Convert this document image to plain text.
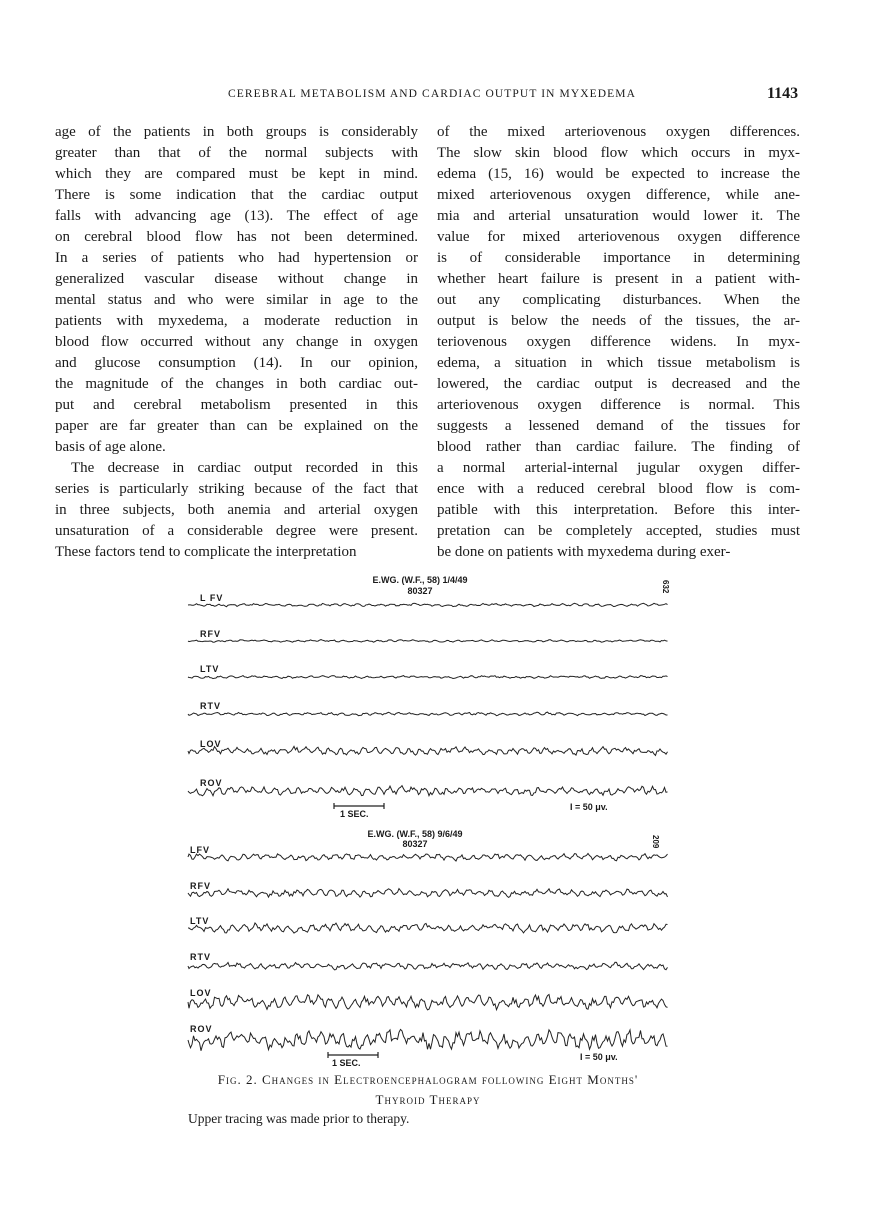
CEREBRAL METABOLISM AND CARDIAC OUTPUT IN MYXEDEMA	1143
age of the patients in both groups is considerably
greater than that of the normal subjects with
which they are compared must be kept in mind.
There is some indication that the cardiac output
falls with advancing age (13). The effect of age
on cerebral blood flow has not been determined.
In a series of patients who had hypertension or
generalized vascular disease without change in
mental status and who were similar in age to the
patients with myxedema, a moderate reduction in
blood flow occurred without any change in oxygen
and glucose consumption (14). In our opinion,
the magnitude of the changes in both cardiac out-
put and cerebral metabolism presented in this
paper are far greater than can be explained on the
basis of age alone.
The decrease in cardiac output recorded in this
series is particularly striking because of the fact that
in three subjects, both anemia and arterial oxygen
unsaturation of a considerable degree were present.
These factors tend to complicate the interpretation
of the mixed arteriovenous oxygen differences.
The slow skin blood flow which occurs in myx-
edema (15, 16) would be expected to increase the
mixed arteriovenous oxygen difference, while ane-
mia and arterial unsaturation would lower it. The
value for mixed arteriovenous oxygen difference
is of considerable importance in determining
whether heart failure is present in a patient with-
out any complicating disturbances. When the
output is below the needs of the tissues, the ar-
teriovenous oxygen difference widens. In myx-
edema, a situation in which tissue metabolism is
lowered, the cardiac output is decreased and the
arteriovenous oxygen difference is normal. This
suggests a lessened demand of the tissues for
blood rather than cardiac failure. The finding of
a normal arterial-internal jugular oxygen differ-
ence with a reduced cerebral blood flow is com-
patible with this interpretation. Before this inter-
pretation can be completely accepted, studies must
be done on patients with myxedema during exer-
E.WG. (W.F., 58) 1/4/49
80327	632
1 SEC.
I = 50 μv.
E.WG. (W.F., 58) 9/6/49
80327	209
1 SEC.
I = 50 μv.
Fig. 2. Changes in Electroencephalogram following Eight Months'
Thyroid Therapy
Upper tracing was made prior to therapy.
L FV
RFV
LTV
RTV
LOV
ROV
LFV
RFV
LTV
RTV
LOV
ROV
